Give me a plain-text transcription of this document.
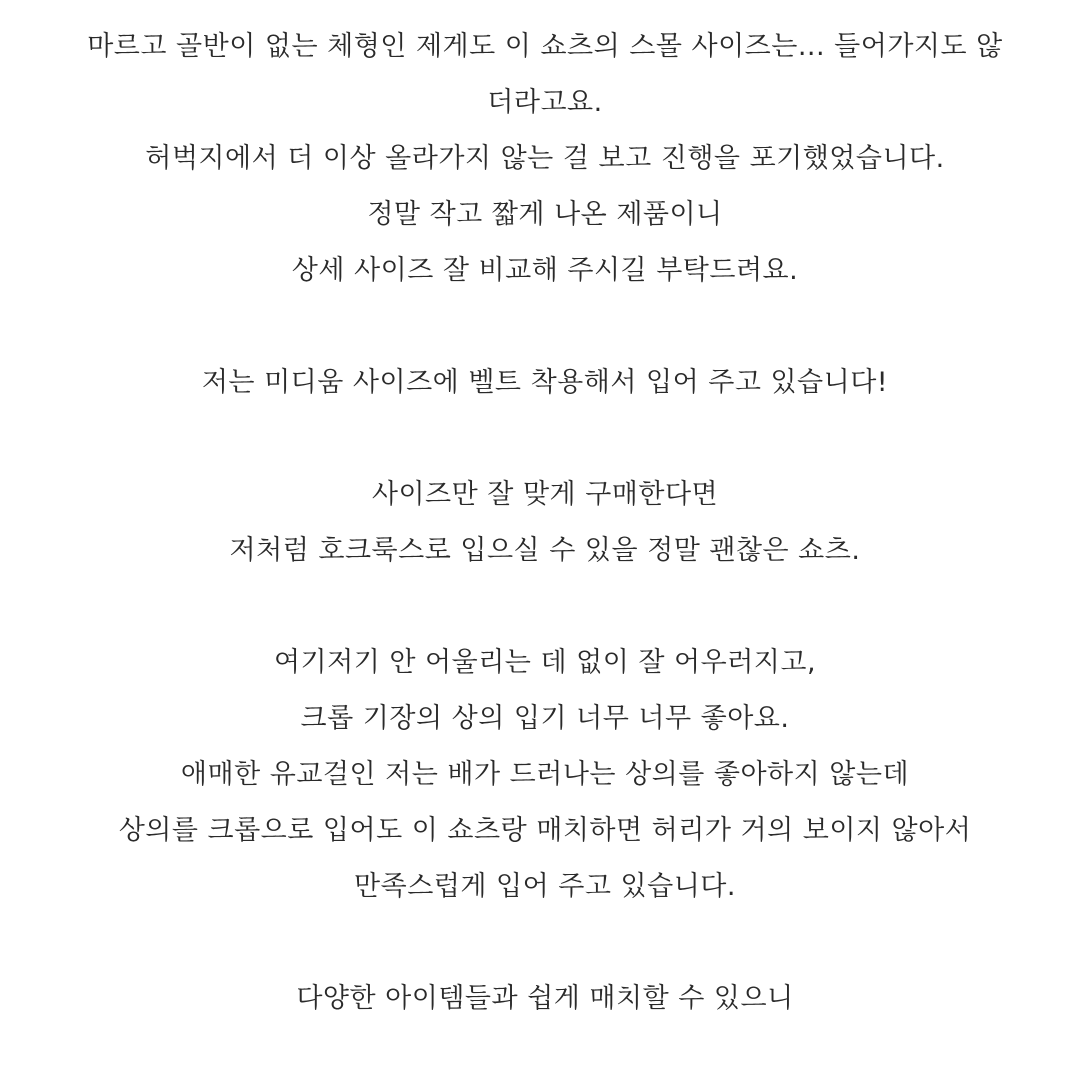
마르고 골반이 없는 체형인 제게도 이 쇼츠의 스몰 사이즈는... 들어가지도 않
더라고요.
허벅지에서 더 이상 올라가지 않는 걸 보고 진행을 포기했었습니다.
정말 작고 짧게 나온 제품이니
상세 사이즈 잘 비교해 주시길 부탁드려요.
저는 미디움 사이즈에 벨트 착용해서 입어 주고 있습니다!
사이즈만 잘 맞게 구매한다면
저처럼 호크룩스로 입으실 수 있을 정말 괜찮은 쇼츠.
여기저기 안 어울리는 데 없이 잘 어우러지고,
크롭 기장의 상의 입기 너무 너무 좋아요.
애매한 유교걸인 저는 배가 드러나는 상의를 좋아하지 않는데
상의를 크롭으로 입어도 이 쇼츠랑 매치하면 허리가 거의 보이지 않아서
만족스럽게 입어 주고 있습니다.
다양한 아이템들과 쉽게 매치할 수 있으니
